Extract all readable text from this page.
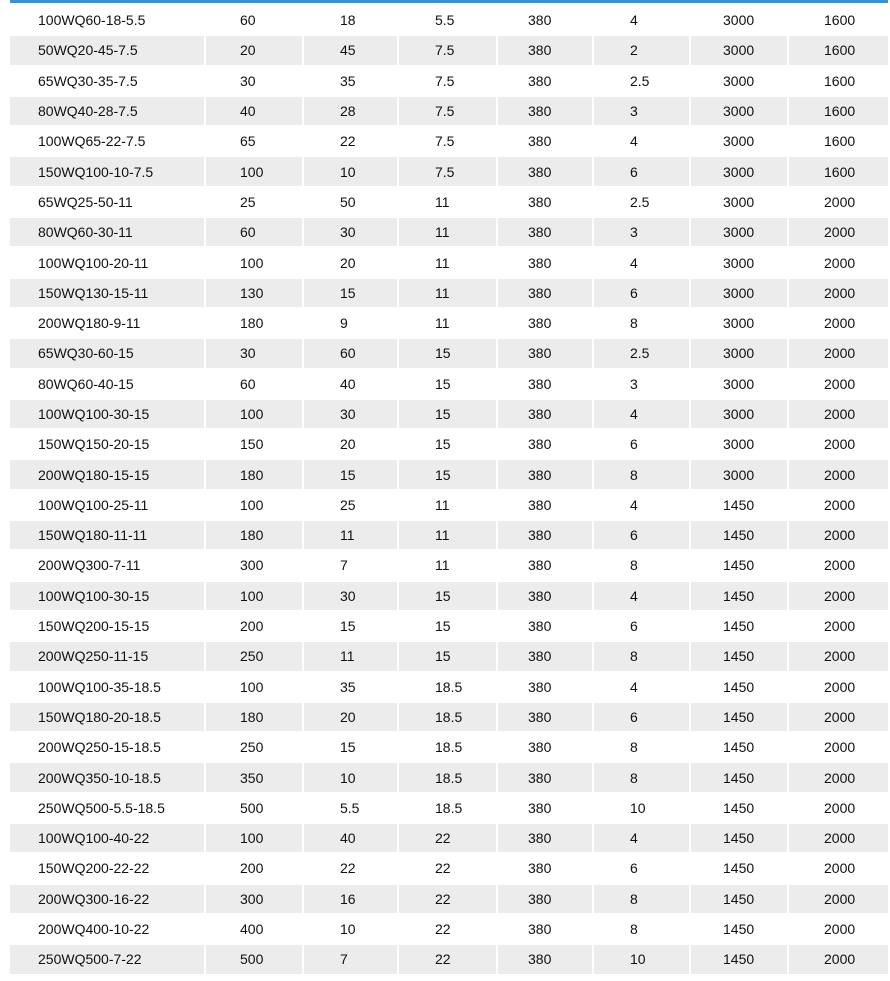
100WQ60-18-5.5	60	18	5.5	380	4	3000	1600
50WQ20-45-7.5	20	45	7.5	380	2	3000	1600
65WQ30-35-7.5	30	35	7.5	380	2.5	3000	1600
80WQ40-28-7.5	40	28	7.5	380	3	3000	1600
100WQ65-22-7.5	65	22	7.5	380	4	3000	1600
150WQ100-10-7.5	100	10	7.5	380	6	3000	1600
65WQ25-50-11	25	50	11	380	2.5	3000	2000
80WQ60-30-11	60	30	11	380	3	3000	2000
100WQ100-20-11	100	20	11	380	4	3000	2000
150WQ130-15-11	130	15	11	380	6	3000	2000
200WQ180-9-11	180	9	11	380	8	3000	2000
65WQ30-60-15	30	60	15	380	2.5	3000	2000
80WQ60-40-15	60	40	15	380	3	3000	2000
100WQ100-30-15	100	30	15	380	4	3000	2000
150WQ150-20-15	150	20	15	380	6	3000	2000
200WQ180-15-15	180	15	15	380	8	3000	2000
100WQ100-25-11	100	25	11	380	4	1450	2000
150WQ180-11-11	180	11	11	380	6	1450	2000
200WQ300-7-11	300	7	11	380	8	1450	2000
100WQ100-30-15	100	30	15	380	4	1450	2000
150WQ200-15-15	200	15	15	380	6	1450	2000
200WQ250-11-15	250	11	15	380	8	1450	2000
100WQ100-35-18.5	100	35	18.5	380	4	1450	2000
150WQ180-20-18.5	180	20	18.5	380	6	1450	2000
200WQ250-15-18.5	250	15	18.5	380	8	1450	2000
200WQ350-10-18.5	350	10	18.5	380	8	1450	2000
250WQ500-5.5-18.5	500	5.5	18.5	380	10	1450	2000
100WQ100-40-22	100	40	22	380	4	1450	2000
150WQ200-22-22	200	22	22	380	6	1450	2000
200WQ300-16-22	300	16	22	380	8	1450	2000
200WQ400-10-22	400	10	22	380	8	1450	2000
250WQ500-7-22	500	7	22	380	10	1450	2000
